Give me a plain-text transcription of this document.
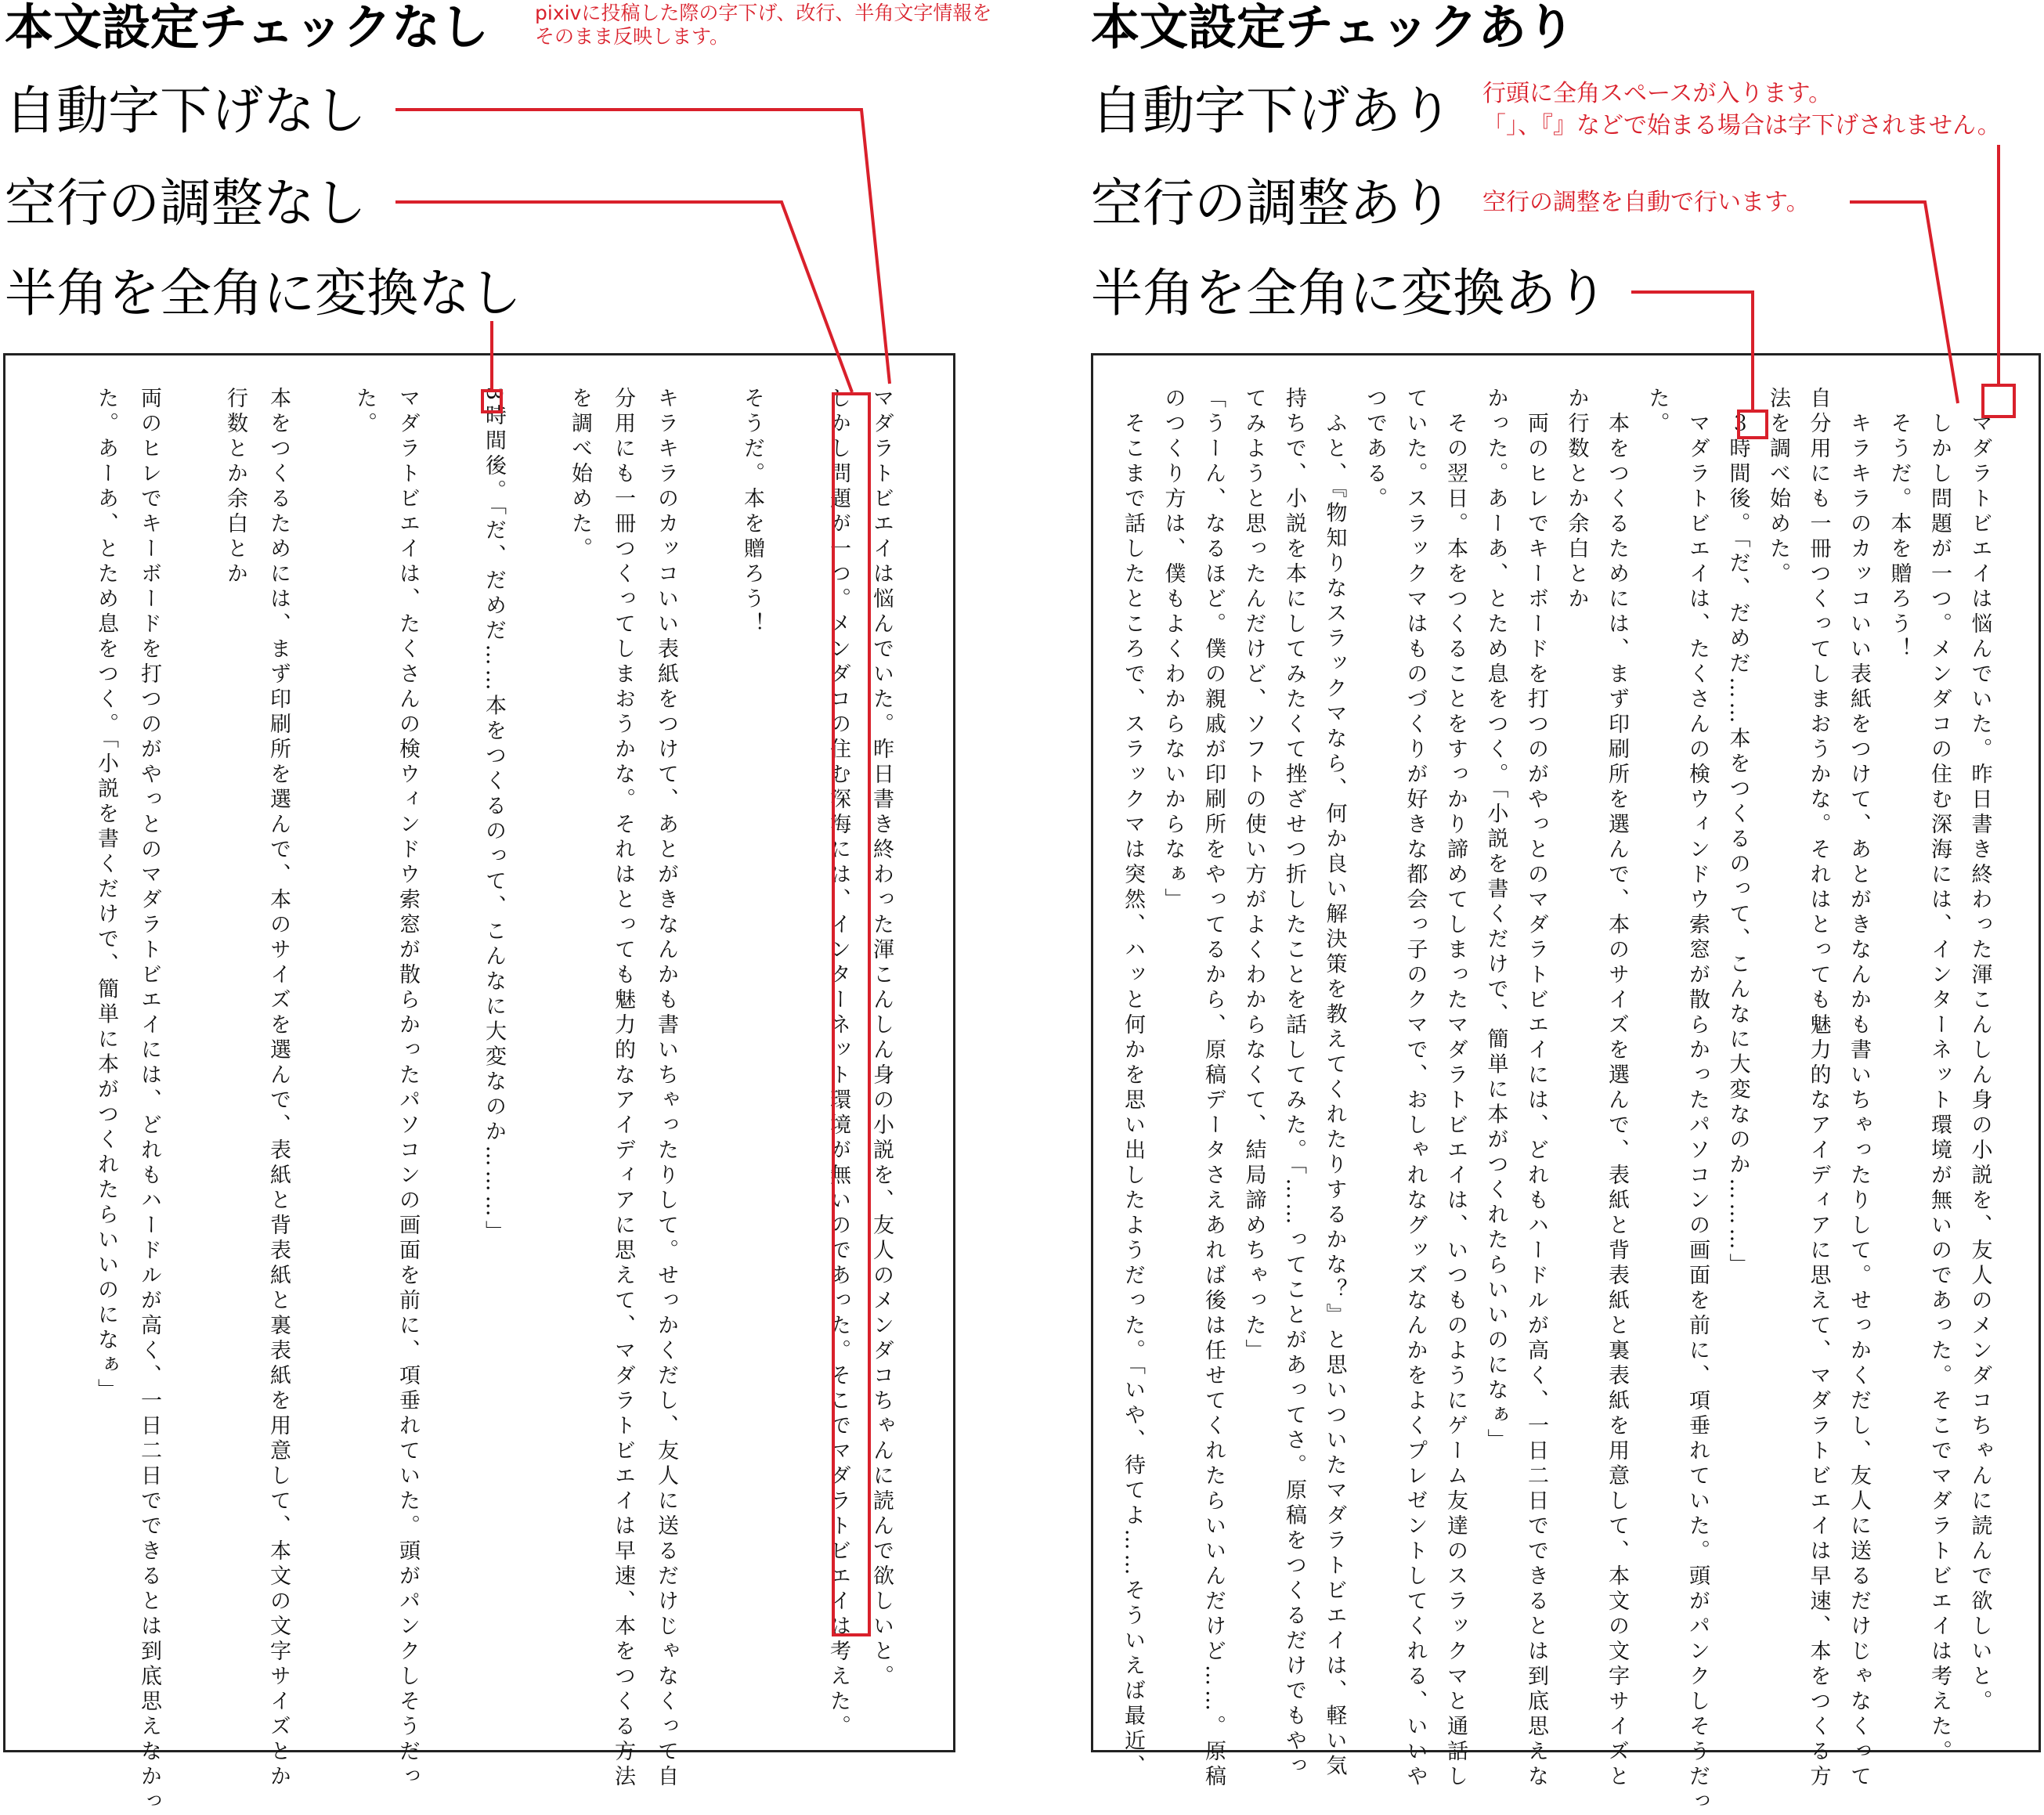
本文設定チェックなし pixivに投稿した際の字下げ、改行、半角文字情報を
そのまま反映します。
自動字下げなし
空行の調整なし
半角を全角に変換なし
本文設定チェックあり
自動字下げあり
空行の調整あり
半角を全角に変換あり
行頭に全角スペースが入ります。
「」、『』などで始まる場合は字下げされません。
空行の調整を自動で行います。
マダラトビエイは悩んでいた。昨日書き終わった渾こんしん身の小説を、友人のメンダコちゃんに読んで欲しいと。
しかし問題が一つ。メンダコの住む深海には、インターネット環境が無いのであった。そこでマダラトビエイは考えた。
そうだ。本を贈ろう！
キラキラのカッコいい表紙をつけて、あとがきなんかも書いちゃったりして。せっかくだし、友人に送るだけじゃなくって自
分用にも一冊つくってしまおうかな。それはとっても魅力的なアイディアに思えて、マダラトビエイは早速、本をつくる方法
を調べ始めた。
3時間後。「だ、だめだ……本をつくるのって、こんなに大変なのか………」
マダラトビエイは、たくさんの検ウィンドウ索窓が散らかったパソコンの画面を前に、項垂れていた。頭がパンクしそうだっ
た。
本をつくるためには、まず印刷所を選んで、本のサイズを選んで、表紙と背表紙と裏表紙を用意して、本文の文字サイズとか
行数とか余白とか
両のヒレでキーボードを打つのがやっとのマダラトビエイには、どれもハードルが高く、一日二日でできるとは到底思えなかっ
た。あーあ、とため息をつく。「小説を書くだけで、簡単に本がつくれたらいいのになぁ」	　マダラトビエイは悩んでいた。昨日書き終わった渾こんしん身の小説を、友人のメンダコちゃんに読んで欲しいと。
　しかし問題が一つ。メンダコの住む深海には、インターネット環境が無いのであった。そこでマダラトビエイは考えた。
　そうだ。本を贈ろう！
　キラキラのカッコいい表紙をつけて、あとがきなんかも書いちゃったりして。せっかくだし、友人に送るだけじゃなくって
自分用にも一冊つくってしまおうかな。それはとっても魅力的なアイディアに思えて、マダラトビエイは早速、本をつくる方
法を調べ始めた。
　３時間後。「だ、だめだ……本をつくるのって、こんなに大変なのか………」
　マダラトビエイは、たくさんの検ウィンドウ索窓が散らかったパソコンの画面を前に、項垂れていた。頭がパンクしそうだっ
た。
　本をつくるためには、まず印刷所を選んで、本のサイズを選んで、表紙と背表紙と裏表紙を用意して、本文の文字サイズと
か行数とか余白とか
　両のヒレでキーボードを打つのがやっとのマダラトビエイには、どれもハードルが高く、一日二日でできるとは到底思えな
かった。あーあ、とため息をつく。「小説を書くだけで、簡単に本がつくれたらいいのになぁ」
　その翌日。本をつくることをすっかり諦めてしまったマダラトビエイは、いつものようにゲーム友達のスラックマと通話し
ていた。スラックマはものづくりが好きな都会っ子のクマで、おしゃれなグッズなんかをよくプレゼントしてくれる、いいや
つである。
　ふと、『物知りなスラックマなら、何か良い解決策を教えてくれたりするかな？』と思いついたマダラトビエイは、軽い気
持ちで、小説を本にしてみたくて挫ざせつ折したことを話してみた。「……ってことがあってさ。原稿をつくるだけでもやっ
てみようと思ったんだけど、ソフトの使い方がよくわからなくて、結局諦めちゃった」
「うーん、なるほど。僕の親戚が印刷所をやってるから、原稿データさえあれば後は任せてくれたらいいんだけど……。原稿
のつくり方は、僕もよくわからないからなぁ」
　そこまで話したところで、スラックマは突然、ハッと何かを思い出したようだった。「いや、待てよ……そういえば最近、
